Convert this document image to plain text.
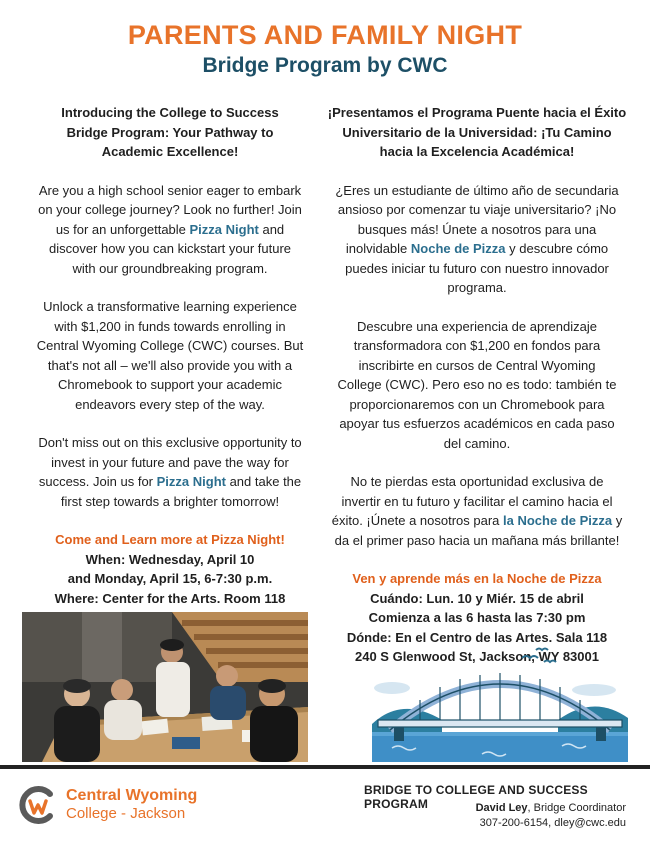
PARENTS AND FAMILY NIGHT
Bridge Program by CWC

Introducing the College to Success
Bridge Program: Your Pathway to
Academic Excellence!

Are you a high school senior eager to embark
on your college journey? Look no further! Join
us for an unforgettable Pizza Night and
discover how you can kickstart your future
with our groundbreaking program.

Unlock a transformative learning experience
with $1,200 in funds towards enrolling in
Central Wyoming College (CWC) courses. But
that's not all – we'll also provide you with a
Chromebook to support your academic
endeavors every step of the way.

Don't miss out on this exclusive opportunity to
invest in your future and pave the way for
success. Join us for Pizza Night and take the
first step towards a brighter tomorrow!

Come and Learn more at Pizza Night!
When: Wednesday, April 10
and Monday, April 15, 6-7:30 p.m.
Where: Center for the Arts. Room 118

¡Presentamos el Programa Puente hacia el Éxito
Universitario de la Universidad: ¡Tu Camino
hacia la Excelencia Académica!

¿Eres un estudiante de último año de secundaria
ansioso por comenzar tu viaje universitario? ¡No
busques más! Únete a nosotros para una
inolvidable Noche de Pizza y descubre cómo
puedes iniciar tu futuro con nuestro innovador
programa.

Descubre una experiencia de aprendizaje
transformadora con $1,200 en fondos para
inscribirte en cursos de Central Wyoming
College (CWC). Pero eso no es todo: también te
proporcionaremos con un Chromebook para
apoyar tus esfuerzos académicos en cada paso
del camino.

No te pierdas esta oportunidad exclusiva de
invertir en tu futuro y facilitar el camino hacia el
éxito. ¡Únete a nosotros para la Noche de Pizza y
da el primer paso hacia un mañana más brillante!

Ven y aprende más en la Noche de Pizza
Cuándo: Lun. 10 y Miér. 15 de abril
Comienza a las 6 hasta las 7:30 pm
Dónde: En el Centro de las Artes. Sala 118
240 S Glenwood St, Jackson, WY 83001
Central Wyoming
College - Jackson
BRIDGE TO COLLEGE AND SUCCESS PROGRAM	David Ley, Bridge Coordinator
307-200-6154, dley@cwc.edu
